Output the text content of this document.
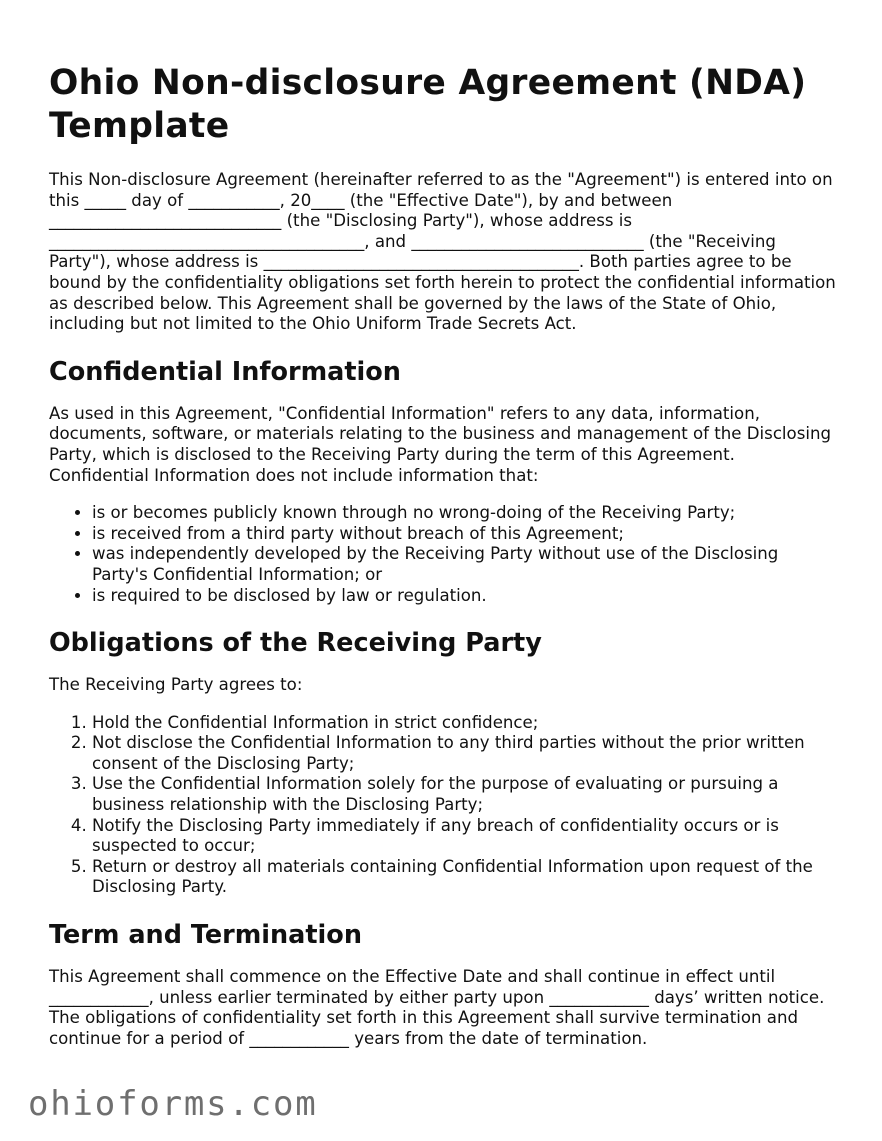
Ohio Non-disclosure Agreement (NDA) Template

This Non-disclosure Agreement (hereinafter referred to as the "Agreement") is entered into on this _____ day of ___________, 20____ (the "Effective Date"), by and between ____________________________ (the "Disclosing Party"), whose address is ______________________________________, and ____________________________ (the "Receiving Party"), whose address is ______________________________________. Both parties agree to be bound by the confidentiality obligations set forth herein to protect the confidential information as described below. This Agreement shall be governed by the laws of the State of Ohio, including but not limited to the Ohio Uniform Trade Secrets Act.

Confidential Information

As used in this Agreement, "Confidential Information" refers to any data, information, documents, software, or materials relating to the business and management of the Disclosing Party, which is disclosed to the Receiving Party during the term of this Agreement. Confidential Information does not include information that:

• is or becomes publicly known through no wrong-doing of the Receiving Party;
• is received from a third party without breach of this Agreement;
• was independently developed by the Receiving Party without use of the Disclosing Party's Confidential Information; or
• is required to be disclosed by law or regulation.
Obligations of the Receiving Party

The Receiving Party agrees to:

1. Hold the Confidential Information in strict confidence;
2. Not disclose the Confidential Information to any third parties without the prior written consent of the Disclosing Party;
3. Use the Confidential Information solely for the purpose of evaluating or pursuing a business relationship with the Disclosing Party;
4. Notify the Disclosing Party immediately if any breach of confidentiality occurs or is suspected to occur;
5. Return or destroy all materials containing Confidential Information upon request of the Disclosing Party.
Term and Termination

This Agreement shall commence on the Effective Date and shall continue in effect until ____________, unless earlier terminated by either party upon ____________ days’ written notice. The obligations of confidentiality set forth in this Agreement shall survive termination and continue for a period of ____________ years from the date of termination.

ohioforms.com
